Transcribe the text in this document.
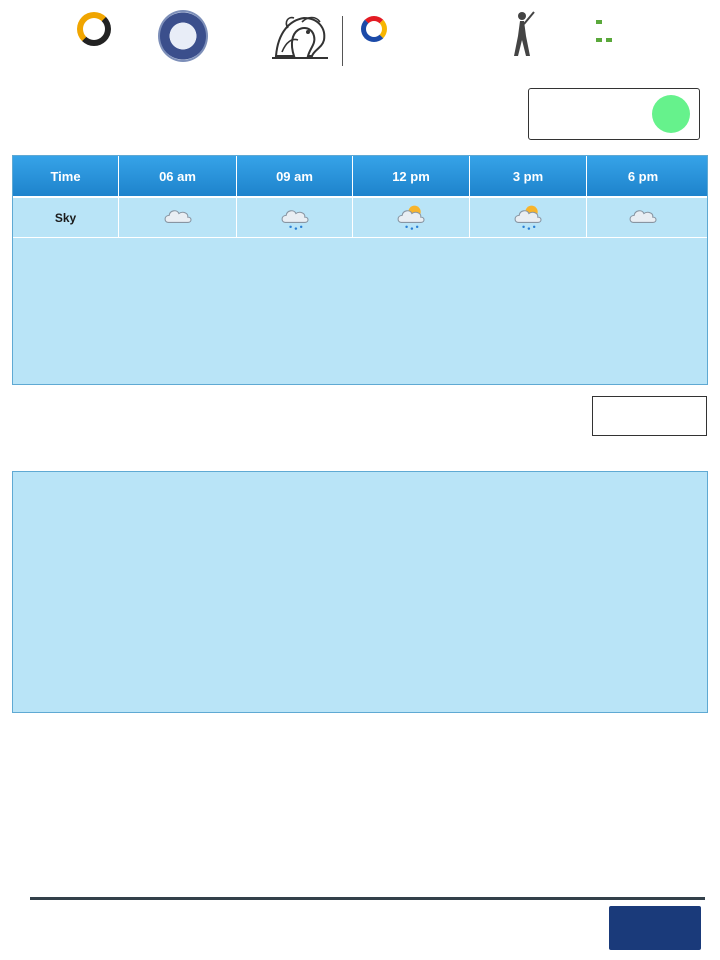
Time	06 am	09 am	12 pm	3 pm	6 pm
Sky
